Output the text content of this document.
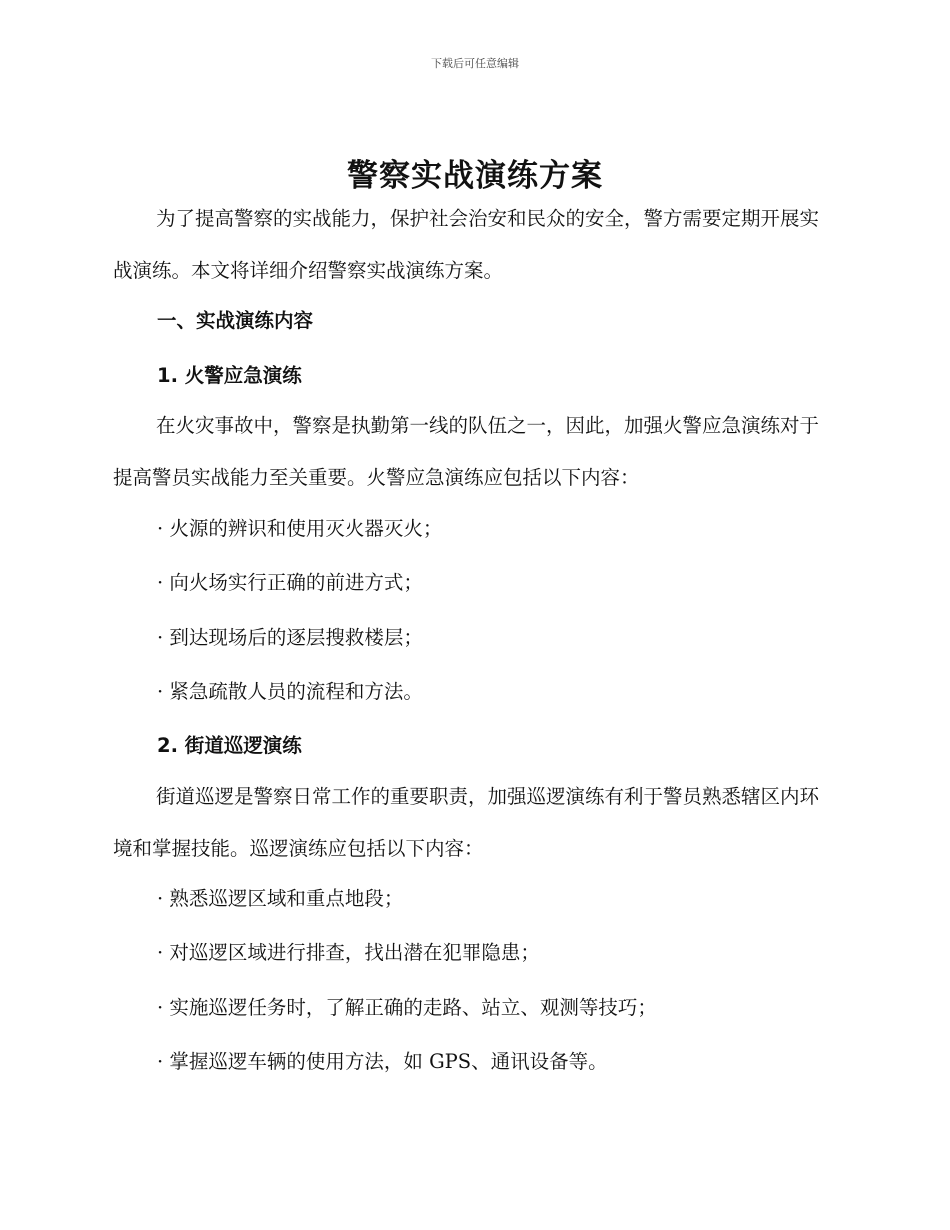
下载后可任意编辑
警察实战演练方案

为了提高警察的实战能力，保护社会治安和民众的安全，警方需要定期开展实战演练。本文将详细介绍警察实战演练方案。

一、实战演练内容

1. 火警应急演练

在火灾事故中，警察是执勤第一线的队伍之一，因此，加强火警应急演练对于提高警员实战能力至关重要。火警应急演练应包括以下内容：

· 火源的辨识和使用灭火器灭火；

· 向火场实行正确的前进方式；

· 到达现场后的逐层搜救楼层；

· 紧急疏散人员的流程和方法。

2. 街道巡逻演练

街道巡逻是警察日常工作的重要职责，加强巡逻演练有利于警员熟悉辖区内环境和掌握技能。巡逻演练应包括以下内容：

· 熟悉巡逻区域和重点地段；

· 对巡逻区域进行排查，找出潜在犯罪隐患；

· 实施巡逻任务时，了解正确的走路、站立、观测等技巧；

· 掌握巡逻车辆的使用方法，如 GPS、通讯设备等。
